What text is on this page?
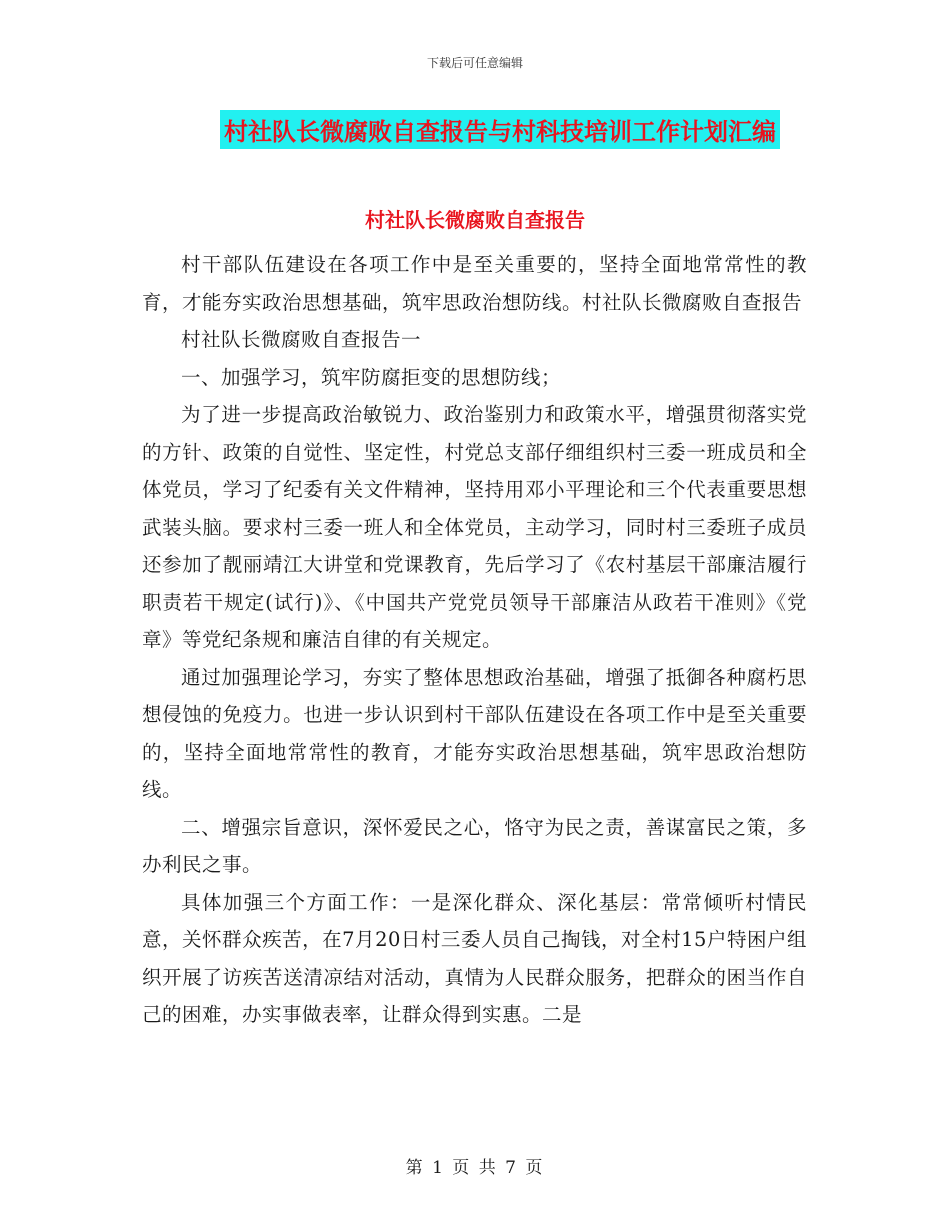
下载后可任意编辑
村社队长微腐败自查报告与村科技培训工作计划汇编
村社队长微腐败自查报告

村干部队伍建设在各项工作中是至关重要的，坚持全面地常常性的教育，才能夯实政治思想基础，筑牢思政治想防线。村社队长微腐败自查报告

村社队长微腐败自查报告一

一、加强学习，筑牢防腐拒变的思想防线；

为了进一步提高政治敏锐力、政治鉴别力和政策水平，增强贯彻落实党的方针、政策的自觉性、坚定性，村党总支部仔细组织村三委一班成员和全体党员，学习了纪委有关文件精神，坚持用邓小平理论和三个代表重要思想武装头脑。要求村三委一班人和全体党员，主动学习，同时村三委班子成员还参加了靓丽靖江大讲堂和党课教育，先后学习了《农村基层干部廉洁履行职责若干规定(试行)》、《中国共产党党员领导干部廉洁从政若干准则》《党章》等党纪条规和廉洁自律的有关规定。

通过加强理论学习，夯实了整体思想政治基础，增强了抵御各种腐朽思想侵蚀的免疫力。也进一步认识到村干部队伍建设在各项工作中是至关重要的，坚持全面地常常性的教育，才能夯实政治思想基础，筑牢思政治想防线。

二、增强宗旨意识，深怀爱民之心，恪守为民之责，善谋富民之策，多办利民之事。

具体加强三个方面工作：一是深化群众、深化基层：常常倾听村情民意，关怀群众疾苦，在7月20日村三委人员自己掏钱，对全村15户特困户组织开展了访疾苦送清凉结对活动，真情为人民群众服务，把群众的困当作自己的困难，办实事做表率，让群众得到实惠。二是

第 1 页 共 7 页
